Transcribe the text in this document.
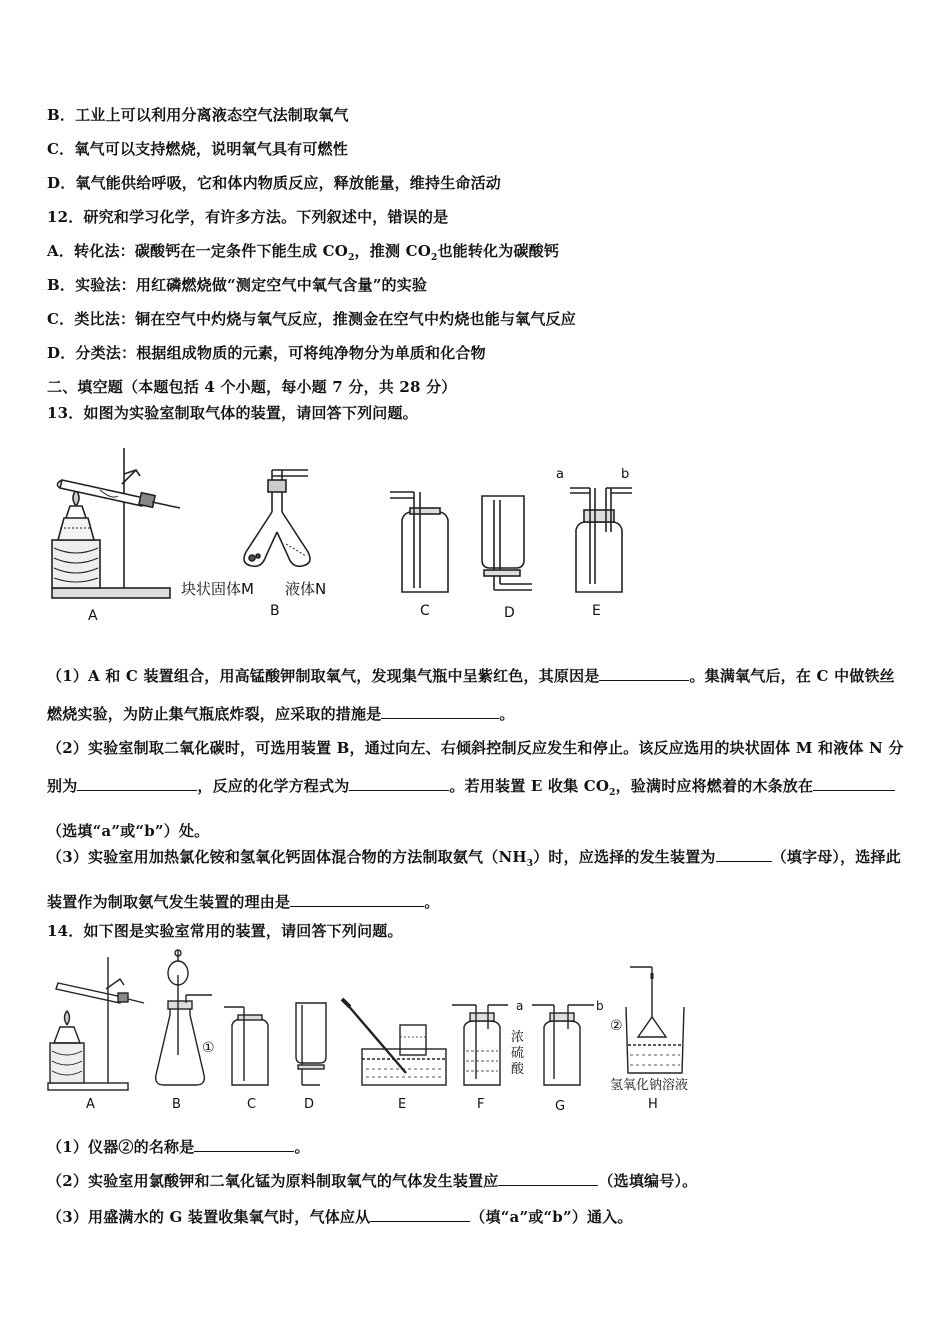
B．工业上可以利用分离液态空气法制取氧气
C．氧气可以支持燃烧，说明氧气具有可燃性
D．氧气能供给呼吸，它和体内物质反应，释放能量，维持生命活动
12．研究和学习化学，有许多方法。下列叙述中，错误的是
A．转化法：碳酸钙在一定条件下能生成 $CO_2$，推测 $CO_2$也能转化为碳酸钙
B．实验法：用红磷燃烧做“测定空气中氧气含量”的实验
C．类比法：铜在空气中灼烧与氧气反应，推测金在空气中灼烧也能与氧气反应
D．分类法：根据组成物质的元素，可将纯净物分为单质和化合物
二、填空题（本题包括 4 个小题，每小题 7 分，共 28 分）
13．如图为实验室制取气体的装置，请回答下列问题。
块状固体M 液体N
a	b
A	B	C	D	E
（1）A 和 C 装置组合，用高锰酸钾制取氧气，发现集气瓶中呈紫红色，其原因是	。集满氧气后，在 C 中做铁丝燃烧实验，为防止集气瓶底炸裂，应采取的措施是	。
（2）实验室制取二氧化碳时，可选用装置 B，通过向左、右倾斜控制反应发生和停止。该反应选用的块状固体 M 和液体 N 分别为	，反应的化学方程式为	。若用装置 E 收集 $CO_2$，验满时应将燃着的木条放在（选填“a”或“b”）处。
（3）实验室用加热氯化铵和氢氧化钙固体混合物的方法制取氨气$(NH_3)$时，应选择的发生装置为	（填字母），选择此装置作为制取氨气发生装置的理由是	。
14．如下图是实验室常用的装置，请回答下列问题。
①
②
a	b
浓
硫
酸
氢氧化钠溶液
A	B	C	D	E	F	G	H
（1）仪器②的名称是	。
（2）实验室用氯酸钾和二氧化锰为原料制取氧气的气体发生装置应	（选填编号）。
（3）用盛满水的 G 装置收集氧气时，气体应从	（填“a”或“b”）通入。
